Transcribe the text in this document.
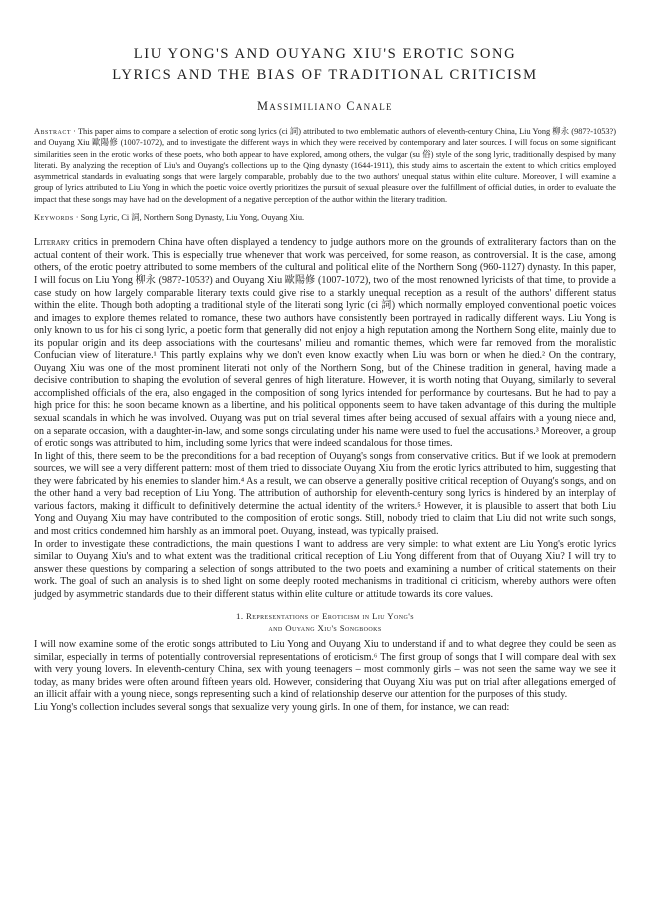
LIU YONG'S AND OUYANG XIU'S EROTIC SONG
LYRICS AND THE BIAS OF TRADITIONAL CRITICISM
Massimiliano Canale

Abstract · This paper aims to compare a selection of erotic song lyrics (ci 詞) attributed to two emblematic authors of eleventh-century China, Liu Yong 柳永 (987?-1053?) and Ouyang Xiu 歐陽修 (1007-1072), and to investigate the different ways in which they were received by contemporary and later sources. I will focus on some significant similarities seen in the erotic works of these poets, who both appear to have explored, among others, the vulgar (su 俗) style of the song lyric, traditionally despised by many literati. By analyzing the reception of Liu's and Ouyang's collections up to the Qing dynasty (1644-1911), this study aims to ascertain the extent to which critics employed asymmetrical standards in evaluating songs that were largely comparable, probably due to the two authors' unequal status within elite culture. Moreover, I will examine a group of lyrics attributed to Liu Yong in which the poetic voice overtly prioritizes the pursuit of sexual pleasure over the fulfillment of official duties, in order to evaluate the impact that these songs may have had on the development of a negative perception of the author within the literary tradition.

Keywords · Song Lyric, Ci 詞, Northern Song Dynasty, Liu Yong, Ouyang Xiu.

Literary critics in premodern China have often displayed a tendency to judge authors more on the grounds of extraliterary factors than on the actual content of their work. This is especially true whenever that work was perceived, for some reason, as controversial. It is the case, among others, of the erotic poetry attributed to some members of the cultural and political elite of the Northern Song (960-1127) dynasty. In this paper, I will focus on Liu Yong 柳永 (987?-1053?) and Ouyang Xiu 歐陽修 (1007-1072), two of the most renowned lyricists of that time, to provide a case study on how largely comparable literary texts could give rise to a starkly unequal reception as a result of the authors' different status within the elite. Though both adopting a traditional style of the literati song lyric (ci 詞) which normally employed conventional poetic voices and images to explore themes related to romance, these two authors have consistently been portrayed in radically different ways. Liu Yong is only known to us for his ci song lyric, a poetic form that generally did not enjoy a high reputation among the Northern Song elite, mainly due to its popular origin and its deep associations with the courtesans' milieu and romantic themes, which were far removed from the moralistic Confucian view of literature.¹ This partly explains why we don't even know exactly when Liu was born or when he died.² On the contrary, Ouyang Xiu was one of the most prominent literati not only of the Northern Song, but of the Chinese tradition in general, having made a decisive contribution to shaping the evolution of several genres of high literature. However, it is worth noting that Ouyang, similarly to several accomplished officials of the era, also engaged in the composition of song lyrics intended for performance by courtesans. But he had to pay a high price for this: he soon became known as a libertine, and his political opponents seem to have taken advantage of this during the multiple sexual scandals in which he was involved. Ouyang was put on trial several times after being accused of sexual affairs with a young niece and, on a separate occasion, with a daughter-in-law, and some songs circulating under his name were used to fuel the accusations.³ Moreover, a group of erotic songs was attributed to him, including some lyrics that were indeed scandalous for those times.

In light of this, there seem to be the preconditions for a bad reception of Ouyang's songs from conservative critics. But if we look at premodern sources, we will see a very different pattern: most of them tried to dissociate Ouyang Xiu from the erotic lyrics attributed to him, suggesting that they were fabricated by his enemies to slander him.⁴ As a result, we can observe a generally positive critical reception of Ouyang's songs, and on the other hand a very bad reception of Liu Yong. The attribution of authorship for eleventh-century song lyrics is hindered by an interplay of various factors, making it difficult to definitively determine the actual identity of the writers.⁵ However, it is plausible to assert that both Liu Yong and Ouyang Xiu may have contributed to the composition of erotic songs. Still, nobody tried to claim that Liu did not write such songs, and most critics condemned him harshly as an immoral poet. Ouyang, instead, was typically praised.

In order to investigate these contradictions, the main questions I want to address are very simple: to what extent are Liu Yong's erotic lyrics similar to Ouyang Xiu's and to what extent was the traditional critical reception of Liu Yong different from that of Ouyang Xiu? I will try to answer these questions by comparing a selection of songs attributed to the two poets and examining a number of critical statements on their work. The goal of such an analysis is to shed light on some deeply rooted mechanisms in traditional ci criticism, whereby authors were often judged by asymmetric standards due to their different status within elite culture or attitude towards its core values.

1. Representations of Eroticism in Liu Yong's
and Ouyang Xiu's Songbooks

I will now examine some of the erotic songs attributed to Liu Yong and Ouyang Xiu to understand if and to what degree they could be seen as similar, especially in terms of potentially controversial representations of eroticism.⁶ The first group of songs that I will compare deal with sex with very young lovers. In eleventh-century China, sex with young teenagers – most commonly girls – was not seen the same way we see it today, as many brides were often around fifteen years old. However, considering that Ouyang Xiu was put on trial after allegations emerged of an illicit affair with a young niece, songs representing such a kind of relationship deserve our attention for the purposes of this study.

Liu Yong's collection includes several songs that sexualize very young girls. In one of them, for instance, we can read:
